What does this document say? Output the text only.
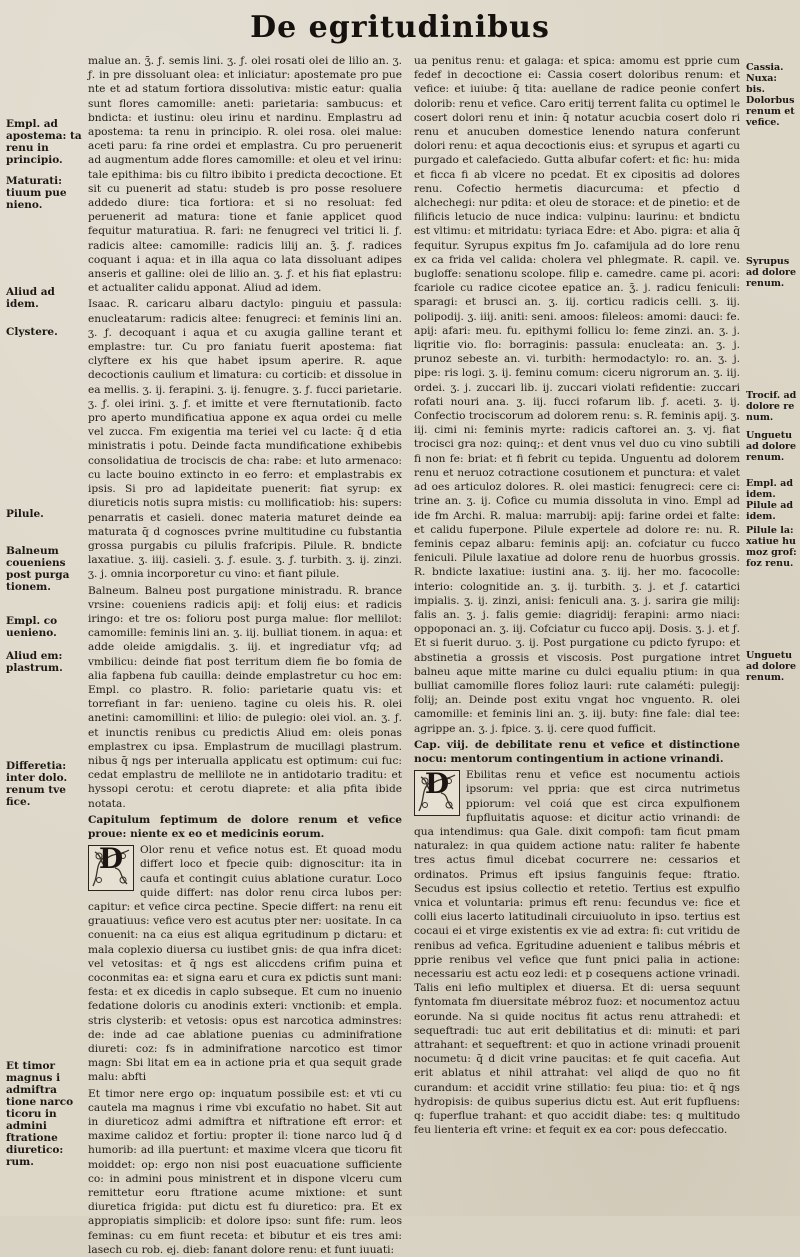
De egritudinibus

malue an. ʒ̄. ƒ. semis lini. ʒ. ƒ. olei rosati olei de lilio an. ʒ. ƒ. in pre dissoluant olea: et inliciatur: apostemate pro pue nte et ad statum fortiora dissolutiva: mistic eatur: qualia sunt flores camomille: aneti: parietaria: sambucus: et bndicta: et iustinu: oleu irinu et nardinu. Emplastru ad apostema: ta renu in principio. R. olei rosa. olei malue: aceti paru: fa rine ordei et emplastra. Cu pro peruenerit ad augmentum adde flores camomille: et oleu et vel irinu: tale epithima: bis cu filtro ibibito i predicta decoctione. Et sit cu puenerit ad statu: studeb is pro posse resoluere addedo diure: tica fortiora: et si no resoluat: fed peruenerit ad matura: tione et fanie applicet quod fequitur maturatiua. R. fari: ne fenugreci vel tritici li. ƒ. radicis altee: camomille: radicis lilij an. ʒ̄. ƒ. radices coquant i aqua: et in illa aqua co lata dissoluant adipes anseris et galline: olei de lilio an. ʒ. ƒ. et his fiat eplastru: et actualiter calidu apponat. Aliud ad idem.

Isaac. R. caricaru albaru dactylo: pinguiu et passula: enucleatarum: radicis altee: fenugreci: et feminis lini an. ʒ. ƒ. decoquant i aqua et cu axugia galline terant et emplastre: tur. Cu pro faniatu fuerit apostema: fiat clyftere ex his que habet ipsum aperire. R. aque decoctionis caulium et limatura: cu corticib: et dissolue in ea mellis. ʒ. ij. ferapini. ʒ. ij. fenugre. ʒ. ƒ. fucci parietarie. ʒ. ƒ. olei irini. ʒ. ƒ. et imitte et vere fternutationib. facto pro aperto mundificatiua appone ex aqua ordei cu melle vel zucca. Fm exigentia ma teriei vel cu lacte: q̄ d etia ministratis i potu. Deinde facta mundificatione exhibebis consolidatiua de trociscis de cha: rabe: et luto armenaco: cu lacte bouino extincto in eo ferro: et emplastrabis ex ipsis. Si pro ad lapideitate puenerit: fiat syrup: ex diureticis notis supra mistis: cu mollificatiob: his: supers: penarratis et casieli. donec materia maturet deinde ea maturata q̄ d cognosces pvrine multitudine cu fubstantia grossa purgabis cu pilulis frafcripis. Pilule. R. bndicte laxatiue. ʒ. iiij. casieli. ʒ. ƒ. esule. ʒ. ƒ. turbith. ʒ. ij. zinzi. ʒ. j. omnia incorporetur cu vino: et fiant pilule.

Balneum. Balneu post purgatione ministradu. R. brance vrsine: coueniens radicis apij: et folij eius: et radicis iringo: et tre os: folioru post purga malue: flor mellilot: camomille: feminis lini an. ʒ. iij. bulliat tionem. in aqua: et adde oleide amigdalis. ʒ. iij. et ingrediatur vfq; ad vmbilicu: deinde fiat post territum diem fie bo fomia de alia fapbena fub cauilla: deinde emplastretur cu hoc em: Empl. co plastro. R. folio: parietarie quatu vis: et torrefiant in far: uenieno. tagine cu oleis his. R. olei anetini: camomillini: et lilio: de pulegio: olei viol. an. ʒ. ƒ. et inunctis renibus cu predictis Aliud em: oleis ponas emplastrex cu ipsa. Emplastrum de mucillagi plastrum. nibus q̄ ngs per interualla applicatu est optimum: cui fuc: cedat emplastru de mellilote ne in antidotario traditu: et hyssopi cerotu: et cerotu diaprete: et alia pfita ibide notata.

Capitulum feptimum de dolore renum et vefice proue: niente ex eo et medicinis eorum.

D	Olor renu et vefice notus est. Et quoad modu differt loco et fpecie quib: dignoscitur: ita in caufa et contingit cuius ablatione curatur. Loco quide differt: nas dolor renu circa lubos per: capitur: et vefice circa pectine. Specie differt: na renu eit grauatiuus: vefice vero est acutus pter ner: uositate. In ca conuenit: na ca eius est aliqua egritudinum p dictaru: et mala coplexio diuersa cu iustibet gnis: de qua infra dicet: vel vetositas: et q̄ ngs est aliccdens crifim puina et coconmitas ea: et signa earu et cura ex pdictis sunt mani: festa: et ex dicedis in caplo subseque. Et cum no inuenio fedatione doloris cu anodinis exteri: vnctionib: et empla. stris clysterib: et vetosis: opus est narcotica adminstres: de: inde ad cae ablatione puenias cu adminifratione diureti: coz: fs in adminifratione narcotico est timor magn: Sbi litat em ea in actione pria et qua sequit grade malu: abfti

Et timor nere ergo op: inquatum possibile est: et vti cu cautela ma magnus i rime vbi excufatio no habet. Sit aut in diureticoz admi admiftra et niftratione eft error: et maxime calidoz et fortiu: propter il: tione narco lud q̄ d humorib: ad illa puertunt: et maxime vlcera que ticoru fit moiddet: op: ergo non nisi post euacuatione sufficiente co: in admini pous ministrent et in dispone vlceru cum remittetur eoru ftratione acume mixtione: et sunt diuretica frigida: put dictu est fu diuretico: pra. Et ex appropiatis simplicib: et dolore ipso: sunt fife: rum. leos feminas: cu em fiunt receta: et bibutur et eis tres ami: lasech cu rob. ej. dieb: fanant dolore renu: et funt iuuati:

ua penitus renu: et galaga: et spica: amomu est pprie cum fedef in decoctione ei: Cassia cosert doloribus renum: et vefice: et iuiube: q̄ tita: auellane de radice peonie confert dolorib: renu et vefice. Caro eritij terrent falita cu optimel le cosert dolori renu et inin: q̄ notatur acucbia cosert dolo ri renu et anucuben domestice lenendo natura conferunt dolori renu: et aqua decoctionis eius: et syrupus et agarti cu purgado et calefaciedo. Gutta albufar cofert: et fic: hu: mida et ficca fi ab vlcere no pcedat. Et ex cipositis ad dolores renu. Cofectio hermetis diacurcuma: et pfectio d alchechegi: nur pdita: et oleu de storace: et de pinetio: et de filificis letucio de nuce indica: vulpinu: laurinu: et bndictu est vltimu: et mitridatu: tyriaca Edre: et Abo. pigra: et alia q̄ fequitur. Syrupus expitus fm Jo. cafamijula ad do lore renu ex ca frida vel calida: cholera vel phlegmate. R. capil. ve. bugloffe: senationu scolope. filip e. camedre. came pi. acori: fcariole cu radice cicotee epatice an. ʒ̄. j. radicu feniculi: sparagi: et brusci an. ʒ. iij. corticu radicis celli. ʒ. iij. polipodij. ʒ. iiij. aniti: seni. amoos: fileleos: amomi: dauci: fe. apij: afari: meu. fu. epithymi follicu lo: feme zinzi. an. ʒ. j. liqritie vio. flo: borraginis: passula: enucleata: an. ʒ. j. prunoz sebeste an. vi. turbith: hermodactylo: ro. an. ʒ. j. pipe: ris logi. ʒ. ij. feminu comum: ciceru nigrorum an. ʒ. iij. ordei. ʒ. j. zuccari lib. ij. zuccari violati refidentie: zuccari rofati nouri ana. ʒ. iij. fucci rofarum lib. ƒ. aceti. ʒ. ij. Confectio trociscorum ad dolorem renu: s. R. feminis apij. ʒ. iij. cimi ni: feminis myrte: radicis caftorei an. ʒ. vj. fiat trocisci gra noz: quinq;: et dent vnus vel duo cu vino subtili fi non fe: briat: et fi febrit cu tepida. Unguentu ad dolorem renu et neruoz cotractione cosutionem et punctura: et valet ad oes articuloz dolores. R. olei mastici: fenugreci: cere ci: trine an. ʒ. ij. Cofice cu mumia dissoluta in vino. Empl ad ide fm Archi. R. malua: marrubij: apij: farine ordei et falte: et calidu fuperpone. Pilule expertele ad dolore re: nu. R. feminis cepaz albaru: feminis apij: an. cofciatur cu fucco feniculi. Pilule laxatiue ad dolore renu de huorbus grossis. R. bndicte laxatiue: iustini ana. ʒ. iij. her mo. facocolle: interio: colognitide an. ʒ. ij. turbith. ʒ. j. et ƒ. catartici impialis. ʒ. ij. zinzi, anisi: feniculi ana. ʒ. j. sarira gie milij: falis an. ʒ. j. falis gemie: diagridij: ferapini: armo niaci: oppoponaci an. ʒ. iij. Cofciatur cu fucco apij. Dosis. ʒ. j. et ƒ. Et si fuerit duruo. ʒ. ij. Post purgatione cu pdicto fyrupo: et abstinetia a grossis et viscosis. Post purgatione intret balneu aque mitte marine cu dulci equaliu ptium: in qua bulliat camomille flores folioz lauri: rute calaméti: pulegij: folij; an. Deinde post exitu vngat hoc vnguento. R. olei camomille: et feminis lini an. ʒ. iij. buty: fine fale: dial tee: agrippe an. ʒ. j. fpice. ʒ. ij. cere quod fufficit.

Cap. viij. de debilitate renu et vefice et distinctione nocu: mentorum contingentium in actione vrinandi.

D	Ebilitas renu et vefice est nocumentu actiois ipsorum: vel ppria: que est circa nutrimetus ppiorum: vel coiá que est circa expulfionem fupfluitatis aquose: et dicitur actio vrinandi: de qua intendimus: qua Gale. dixit compofi: tam ficut pmam naturalez: in qua quidem actione natu: raliter fe habente tres actus fimul dicebat cocurrere ne: cessarios et ordinatos. Primus eft ipsius fanguinis feque: ftratio. Secudus est ipsius collectio et retetio. Tertius est expulfio vnica et voluntaria: primus eft renu: fecundus ve: fice et colli eius lacerto latitudinali circuiuoluto in ipso. tertius est cocaui ei et virge existentis ex vie ad extra: fi: cut vritidu de renibus ad vefica. Egritudine aduenient e talibus mébris et pprie renibus vel vefice que funt pnici palia in actione: necessariu est actu eoz ledi: et p cosequens actione vrinadi. Talis eni lefio multiplex et diuersa. Et di: uersa sequunt fyntomata fm diuersitate mébroz fuoz: et nocumentoz actuu eorunde. Na si quide nocitus fit actus renu attrahedi: et sequeftradi: tuc aut erit debilitatius et di: minuti: et pari attrahant: et sequeftrent: et quo in actione vrinadi prouenit nocumetu: q̄ d dicit vrine paucitas: et fe quit cacefia. Aut erit ablatus et nihil attrahat: vel aliqd de quo no fit curandum: et accidit vrine stillatio: feu piua: tio: et q̄ ngs hydropisis: de quibus superius dictu est. Aut erit fupfluens: q: fuperflue trahant: et quo accidit diabe: tes: q multitudo feu lienteria eft vrine: et fequit ex ea cor: pous defeccatio.

Empl. ad apostema: ta renu in principio.
Maturati: tiuum pue nieno.
Aliud ad idem.
Clystere.
Pilule.
Balneum coueniens post purga tionem.
Empl. co uenieno.
Aliud em: plastrum.
Differetia: inter dolo. renum tve fice.
Et timor magnus i admiftra tione narco ticoru in admini ftratione diuretico: rum.
Cassia. Nuxa: bis. Dolorbus renum et vefice.
Syrupus ad dolore renum.
Trocif. ad dolore re num.
Unguetu ad dolore renum.
Empl. ad idem.
Pilule ad idem.
Pilule la: xatiue hu moz grof: foz renu.
Unguetu ad dolore renum.
